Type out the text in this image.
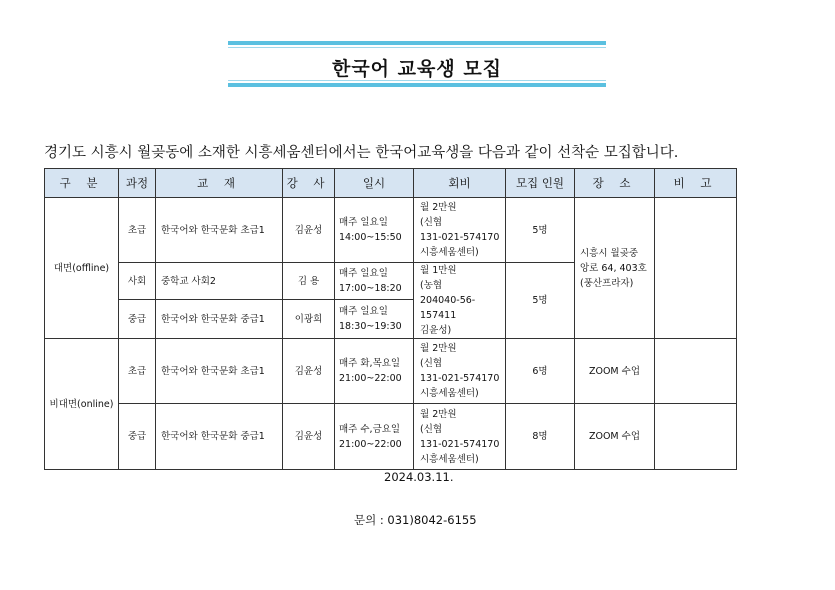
한국어 교육생 모집
경기도 시흥시 월곶동에 소재한 시흥세움센터에서는 한국어교육생을 다음과 같이 선착순 모집합니다.
구 분	과정	교 재	강 사	일시	회비	모집 인원	장 소	비 고
대면(offline)	초급	한국어와 한국문화 초급1	김윤성	매주 일요일
14:00~15:50	월 2만원
(신협
131-021-574170
시흥세움센터)	5명	시흥시 월곶중
앙로 64, 403호
(풍산프라자)	
	사회	중학교 사회2	김 용	매주 일요일
17:00~18:20	월 1만원
(농협
204040-56-157411
김윤성)	5명		
	중급	한국어와 한국문화 중급1	이광희	매주 일요일
18:30~19:30				
비대면(online)	초급	한국어와 한국문화 초급1	김윤성	매주 화,목요일
21:00~22:00	월 2만원
(신협
131-021-574170
시흥세움센터)	6명	ZOOM 수업	
	중급	한국어와 한국문화 중급1	김윤성	매주 수,금요일
21:00~22:00	월 2만원
(신협
131-021-574170
시흥세움센터)	8명	ZOOM 수업	
2024.03.11.
문의 : 031)8042-6155
